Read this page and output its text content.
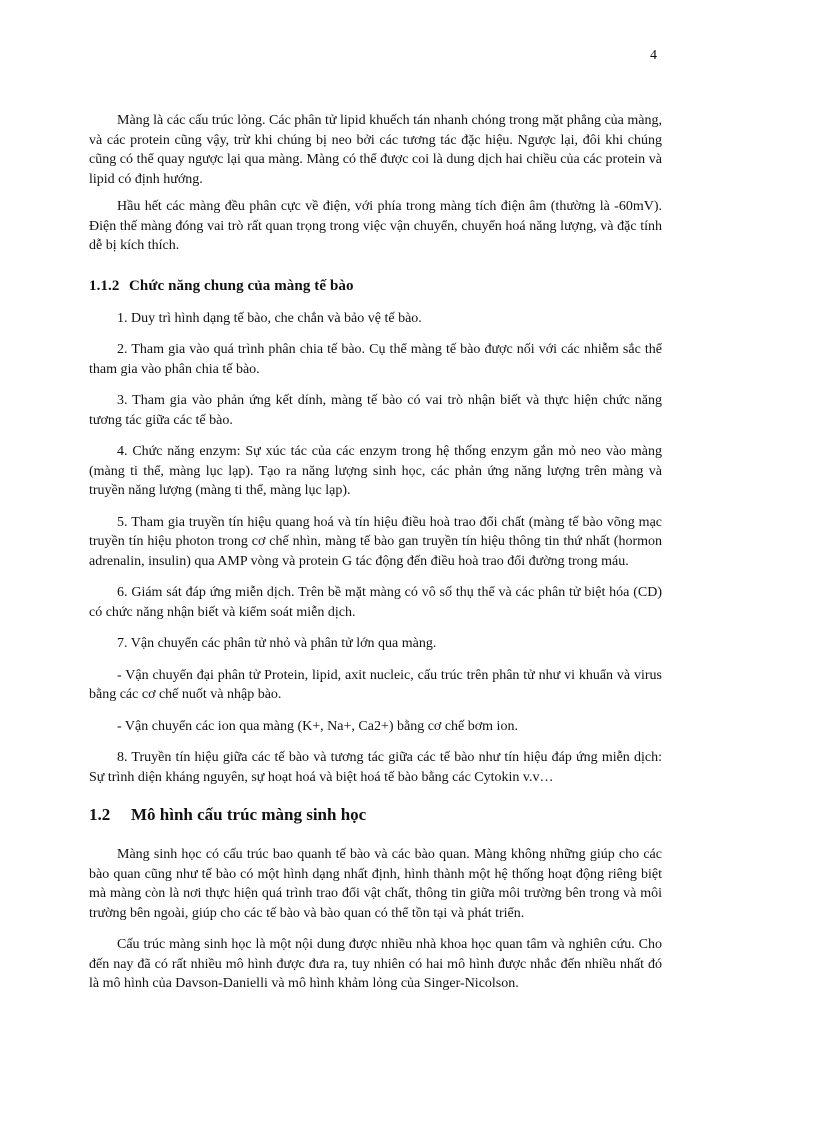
4

Màng là các cấu trúc lỏng. Các phân tử lipid khuếch tán nhanh chóng trong mặt phẳng của màng, và các protein cũng vậy, trừ khi chúng bị neo bởi các tương tác đặc hiệu. Ngược lại, đôi khi chúng cũng có thể quay ngược lại qua màng. Màng có thể được coi là dung dịch hai chiều của các protein và lipid có định hướng.

Hầu hết các màng đều phân cực về điện, với phía trong màng tích điện âm (thường là -60mV). Điện thế màng đóng vai trò rất quan trọng trong việc vận chuyển, chuyển hoá năng lượng, và đặc tính dễ bị kích thích.

1.1.2 Chức năng chung của màng tế bào

1. Duy trì hình dạng tế bào, che chắn và bảo vệ tế bào.

2. Tham gia vào quá trình phân chia tế bào. Cụ thể màng tế bào được nối với các nhiễm sắc thể tham gia vào phân chia tế bào.

3. Tham gia vào phản ứng kết dính, màng tế bào có vai trò nhận biết và thực hiện chức năng tương tác giữa các tế bào.

4. Chức năng enzym: Sự xúc tác của các enzym trong hệ thống enzym gắn mỏ neo vào màng (màng ti thể, màng lục lạp). Tạo ra năng lượng sinh học, các phản ứng năng lượng trên màng và truyền năng lượng (màng ti thể, màng lục lạp).

5. Tham gia truyền tín hiệu quang hoá và tín hiệu điều hoà trao đổi chất (màng tế bào võng mạc truyền tín hiệu photon trong cơ chế nhìn, màng tế bào gan truyền tín hiệu thông tin thứ nhất (hormon adrenalin, insulin) qua AMP vòng và protein G tác động đến điều hoà trao đổi đường trong máu.

6. Giám sát đáp ứng miễn dịch. Trên bề mặt màng có vô số thụ thể và các phân tử biệt hóa (CD) có chức năng nhận biết và kiểm soát miễn dịch.

7. Vận chuyển các phân tử nhỏ và phân tử lớn qua màng.

- Vận chuyển đại phân tử Protein, lipid, axit nucleic, cấu trúc trên phân tử như vi khuẩn và virus bằng các cơ chế nuốt và nhập bào.

- Vận chuyển các ion qua màng (K+, Na+, Ca2+) bằng cơ chế bơm ion.

8. Truyền tín hiệu giữa các tế bào và tương tác giữa các tế bào như tín hiệu đáp ứng miễn dịch: Sự trình diện kháng nguyên, sự hoạt hoá và biệt hoá tế bào bằng các Cytokin v.v…

1.2 Mô hình cấu trúc màng sinh học

Màng sinh học có cấu trúc bao quanh tế bào và các bào quan. Màng không những giúp cho các bào quan cũng như tế bào có một hình dạng nhất định, hình thành một hệ thống hoạt động riêng biệt mà màng còn là nơi thực hiện quá trình trao đổi vật chất, thông tin giữa môi trường bên trong và môi trường bên ngoài, giúp cho các tế bào và bào quan có thể tồn tại và phát triển.

Cấu trúc màng sinh học là một nội dung được nhiều nhà khoa học quan tâm và nghiên cứu. Cho đến nay đã có rất nhiều mô hình được đưa ra, tuy nhiên có hai mô hình được nhắc đến nhiều nhất đó là mô hình của Davson-Danielli và mô hình khảm lỏng của Singer-Nicolson.
